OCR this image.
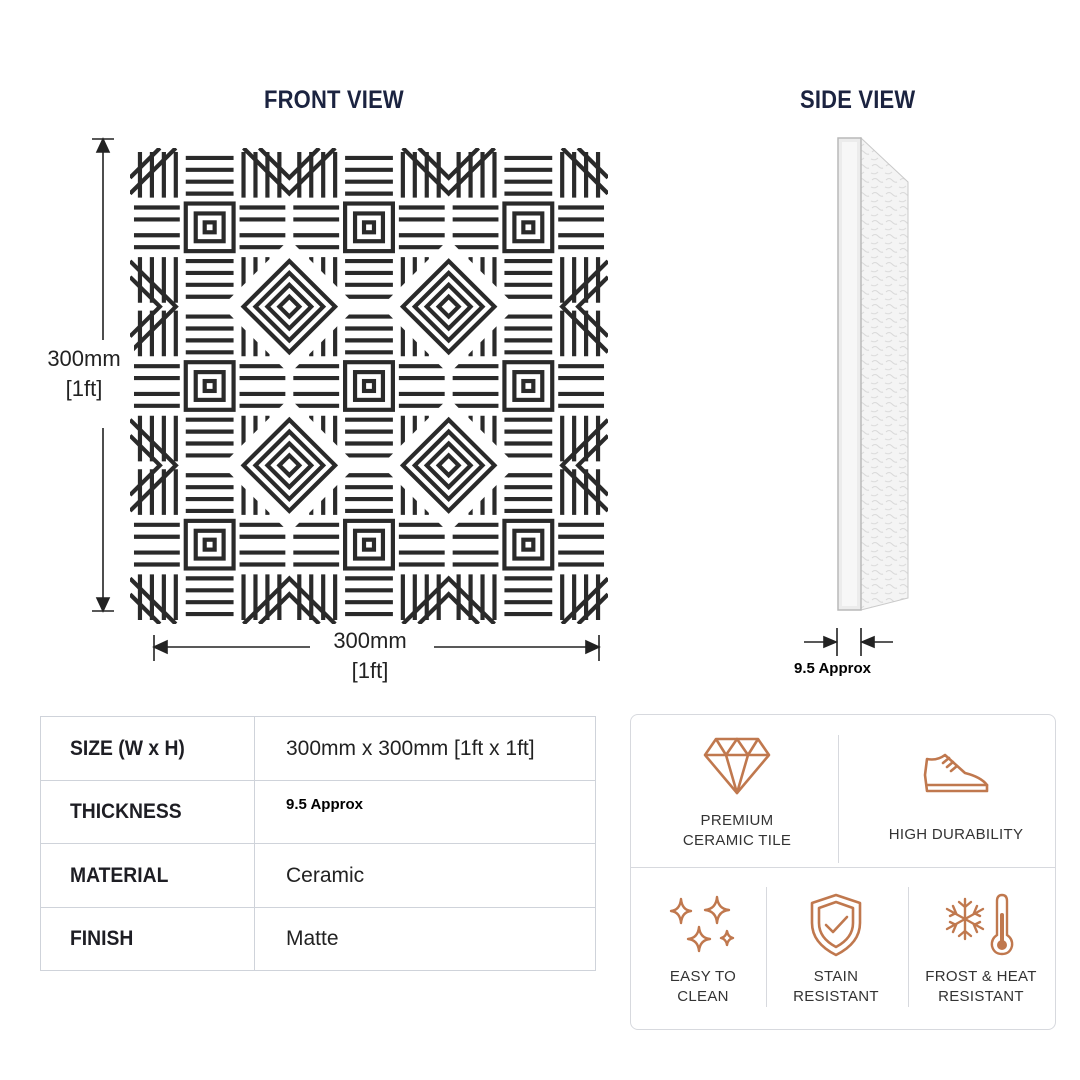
FRONT VIEW	SIDE VIEW
300mm
[1ft]
300mm
[1ft]	9.5 Approx
SIZE (W x H)	300mm x 300mm [1ft x 1ft]
THICKNESS	9.5 Approx
MATERIAL	Ceramic
FINISH	Matte
PREMIUM
CERAMIC TILE	HIGH DURABILITY
EASY TO
CLEAN
STAIN
RESISTANT
FROST & HEAT
RESISTANT
